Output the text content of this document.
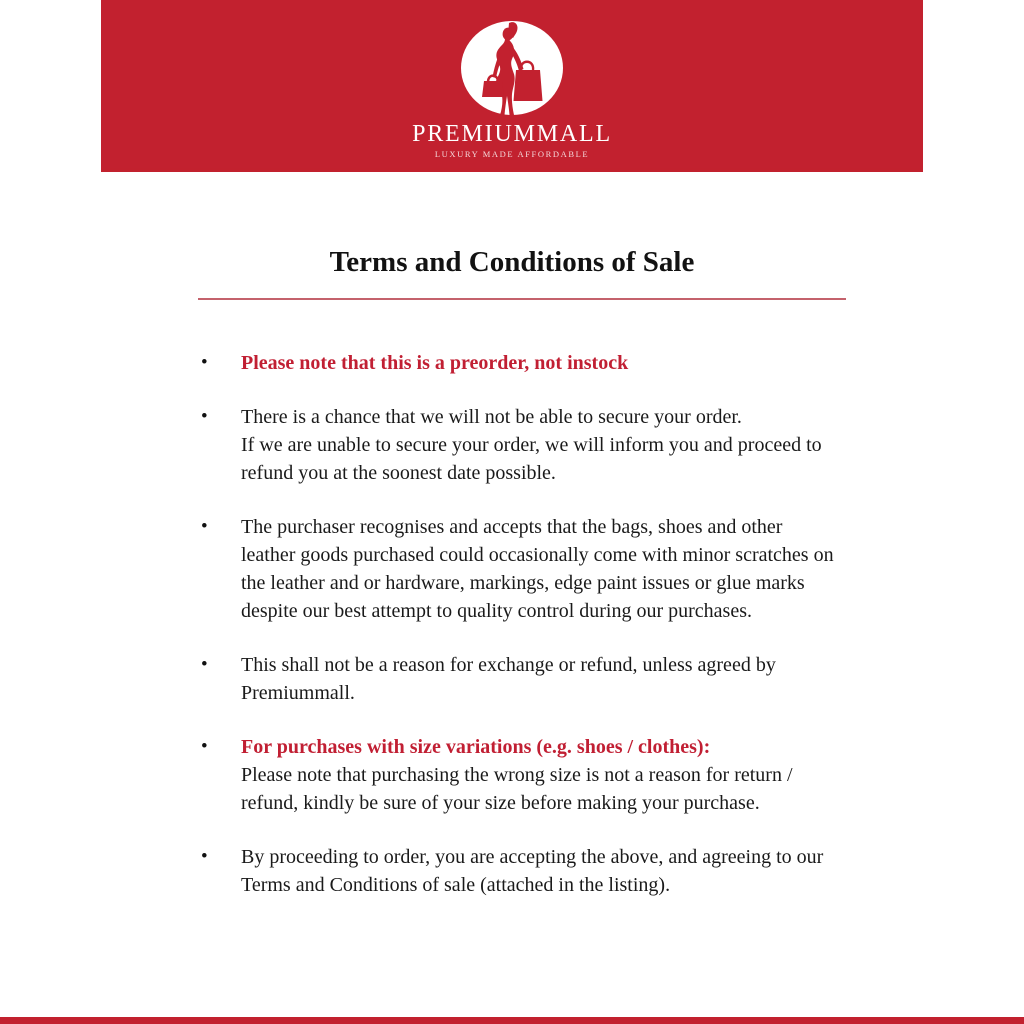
PREMIUMMALL
LUXURY MADE AFFORDABLE
Terms and Conditions of Sale
• Please note that this is a preorder, not instock
• There is a chance that we will not be able to secure your order.
If we are unable to secure your order, we will inform you and proceed to
refund you at the soonest date possible.
• The purchaser recognises and accepts that the bags, shoes and other
leather goods purchased could occasionally come with minor scratches on
the leather and or hardware, markings, edge paint issues or glue marks
despite our best attempt to quality control during our purchases.
• This shall not be a reason for exchange or refund, unless agreed by
Premiummall.
• For purchases with size variations (e.g. shoes / clothes):
Please note that purchasing the wrong size is not a reason for return /
refund, kindly be sure of your size before making your purchase.
• By proceeding to order, you are accepting the above, and agreeing to our
Terms and Conditions of sale (attached in the listing).
